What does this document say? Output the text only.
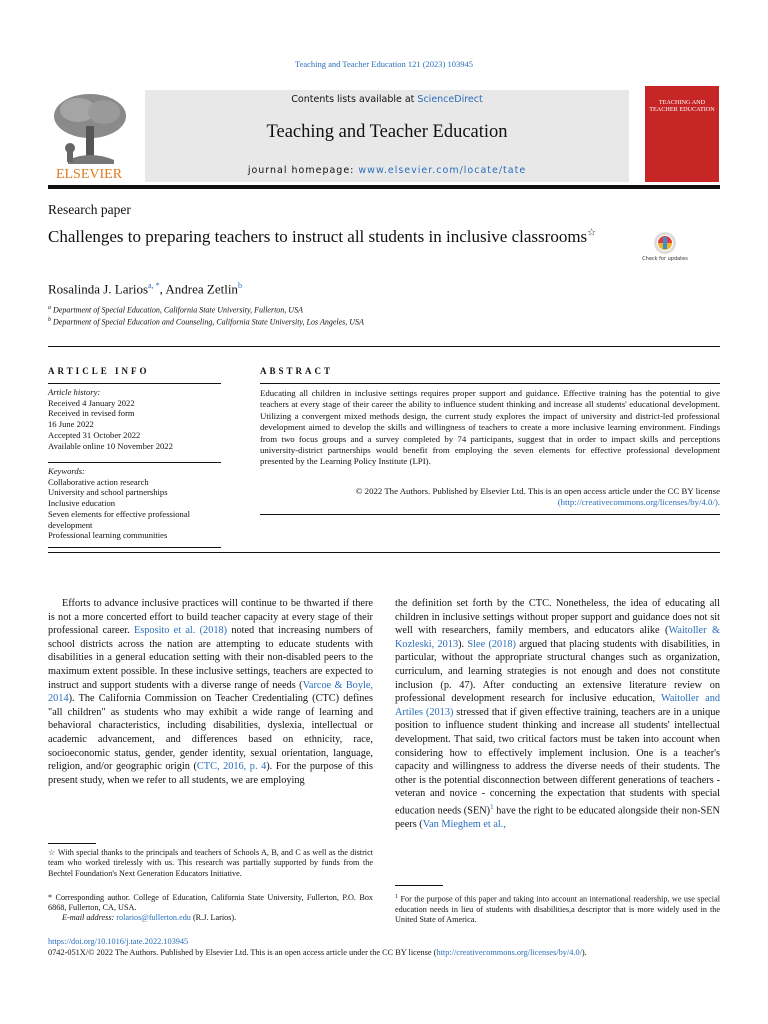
Teaching and Teacher Education 121 (2023) 103945
ELSEVIER
Contents lists available at ScienceDirect
Teaching and Teacher Education
journal homepage: www.elsevier.com/locate/tate
TEACHING AND TEACHER EDUCATION
Research paper
Challenges to preparing teachers to instruct all students in inclusive classrooms☆
Check for updates
Rosalinda J. Larios$^{a, *}$, Andrea Zetlin$^b$
$^a$ Department of Special Education, California State University, Fullerton, USA
$^b$ Department of Special Education and Counseling, California State University, Los Angeles, USA
ARTICLE INFO
Article history:
Received 4 January 2022
Received in revised form
16 June 2022
Accepted 31 October 2022
Available online 10 November 2022
Keywords:
Collaborative action research
University and school partnerships
Inclusive education
Seven elements for effective professional development
Professional learning communities
ABSTRACT
Educating all children in inclusive settings requires proper support and guidance. Effective training has the potential to give teachers at every stage of their career the ability to influence student thinking and increase all students' educational development. Utilizing a convergent mixed methods design, the current study explores the impact of university and district-led professional development aimed to develop the skills and willingness of teachers to create a more inclusive learning environment. Findings from two focus groups and a survey completed by 74 participants, suggest that in order to impact skills and perceptions university-district partnerships would benefit from employing the seven elements for effective professional development presented by the Learning Policy Institute (LPI).
© 2022 The Authors. Published by Elsevier Ltd. This is an open access article under the CC BY license
(http://creativecommons.org/licenses/by/4.0/).
Efforts to advance inclusive practices will continue to be thwarted if there is not a more concerted effort to build teacher capacity at every stage of their professional career. Esposito et al. (2018) noted that increasing numbers of school districts across the nation are attempting to educate students with disabilities in a general education setting with their non-disabled peers to the maximum extent possible. In these inclusive settings, teachers are expected to instruct and support students with a diverse range of needs (Varcoe & Boyle, 2014). The California Commission on Teacher Credentialing (CTC) defines "all children" as students who may exhibit a wide range of learning and behavioral characteristics, including disabilities, dyslexia, intellectual or academic advancement, and differences based on ethnicity, race, socioeconomic status, gender, gender identity, sexual orientation, language, religion, and/or geographic origin (CTC, 2016, p. 4). For the purpose of this present study, when we refer to all students, we are employing
the definition set forth by the CTC. Nonetheless, the idea of educating all children in inclusive settings without proper support and guidance does not sit well with researchers, family members, and educators alike (Waitoller & Kozleski, 2013). Slee (2018) argued that placing students with disabilities, in particular, without the appropriate structural changes such as organization, curriculum, and learning strategies is not enough and does not constitute inclusion (p. 47). After conducting an extensive literature review on professional development research for inclusive education, Waitoller and Artiles (2013) stressed that if given effective training, teachers are in a unique position to influence student thinking and increase all students' intellectual development. That said, two critical factors must be taken into account when considering how to effectively implement inclusion. One is a teacher's capacity and willingness to address the diverse needs of their students. The other is the potential disconnection between different generations of teachers - veteran and novice - concerning the expectation that students with special education needs (SEN)$^1$ have the right to be educated alongside their non-SEN peers (Van Mieghem et al.,
☆ With special thanks to the principals and teachers of Schools A, B, and C as well as the district team who worked tirelessly with us. This research was partially supported by funds from the Bechtel Foundation's Next Generation Educators Initiative.
* Corresponding author. College of Education, California State University, Fullerton, P.O. Box 6868, Fullerton, CA, USA.
E-mail address: rolarios@fullerton.edu (R.J. Larios).
$^1$ For the purpose of this paper and taking into account an international readership, we use special education needs in lieu of students with disabilities,a descriptor that is more widely used in the United State of America.
https://doi.org/10.1016/j.tate.2022.103945
0742-051X/© 2022 The Authors. Published by Elsevier Ltd. This is an open access article under the CC BY license (http://creativecommons.org/licenses/by/4.0/).
